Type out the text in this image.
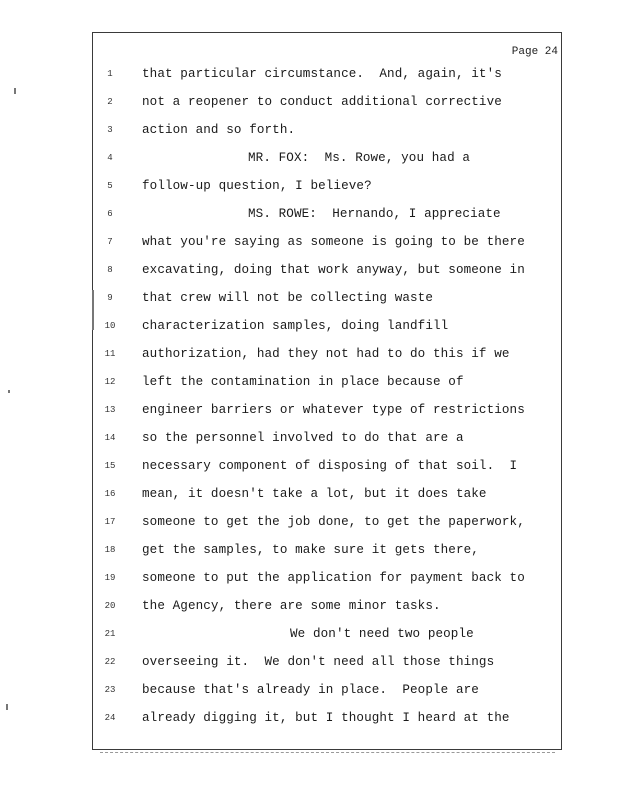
Page 24
1	that particular circumstance.  And, again, it's
2	not a reopener to conduct additional corrective
3	action and so forth.
4	MR. FOX:  Ms. Rowe, you had a
5	follow-up question, I believe?
6	MS. ROWE:  Hernando, I appreciate
7	what you're saying as someone is going to be there
8	excavating, doing that work anyway, but someone in
9	that crew will not be collecting waste
10	characterization samples, doing landfill
11	authorization, had they not had to do this if we
12	left the contamination in place because of
13	engineer barriers or whatever type of restrictions
14	so the personnel involved to do that are a
15	necessary component of disposing of that soil.  I
16	mean, it doesn't take a lot, but it does take
17	someone to get the job done, to get the paperwork,
18	get the samples, to make sure it gets there,
19	someone to put the application for payment back to
20	the Agency, there are some minor tasks.
21	We don't need two people
22	overseeing it.  We don't need all those things
23	because that's already in place.  People are
24	already digging it, but I thought I heard at the
